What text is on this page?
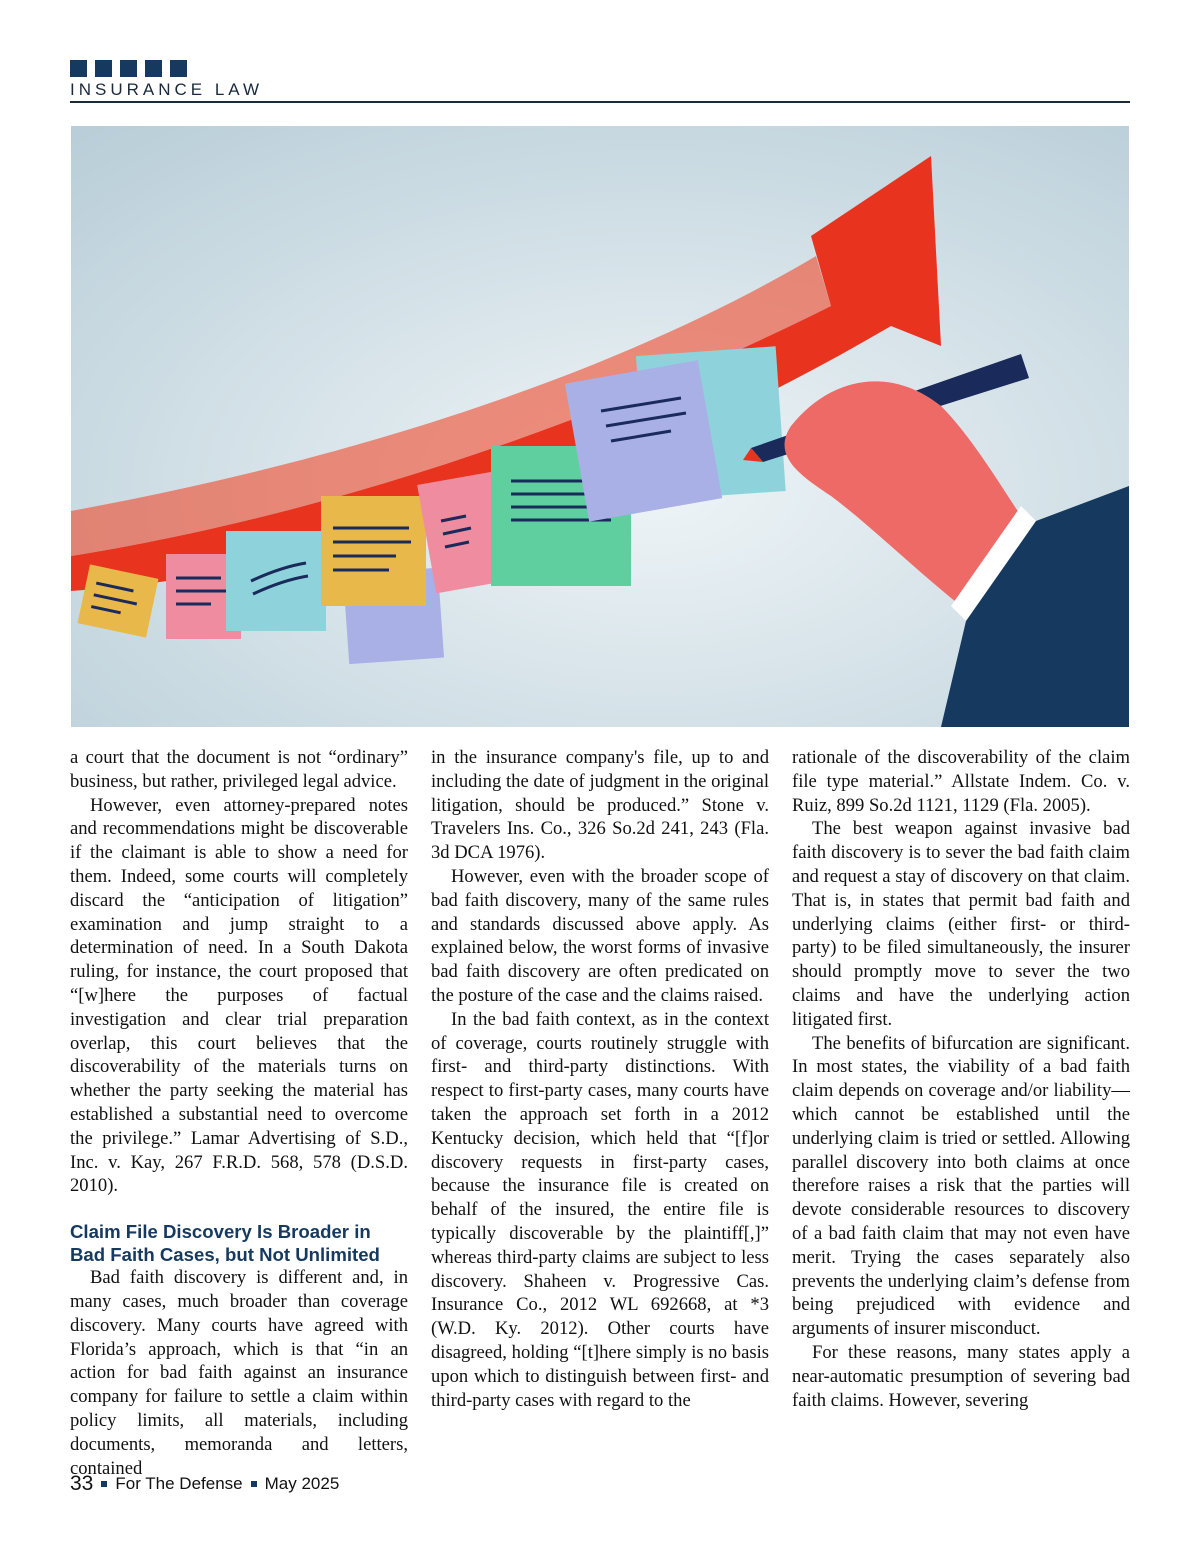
INSURANCE LAW

a court that the document is not “ordinary” business, but rather, privileged legal advice.

However, even attorney-prepared notes and recommendations might be discoverable if the claimant is able to show a need for them. Indeed, some courts will completely discard the “anticipation of litigation” examination and jump straight to a determination of need. In a South Dakota ruling, for instance, the court proposed that “[w]here the purposes of factual investigation and clear trial preparation overlap, this court believes that the discoverability of the materials turns on whether the party seeking the material has established a substantial need to overcome the privilege.” Lamar Advertising of S.D., Inc. v. Kay, 267 F.R.D. 568, 578 (D.S.D. 2010).

Claim File Discovery Is Broader in Bad Faith Cases, but Not Unlimited

Bad faith discovery is different and, in many cases, much broader than coverage discovery. Many courts have agreed with Florida’s approach, which is that “in an action for bad faith against an insurance company for failure to settle a claim within policy limits, all materials, including documents, memoranda and letters, contained

in the insurance company's file, up to and including the date of judgment in the original litigation, should be produced.” Stone v. Travelers Ins. Co., 326 So.2d 241, 243 (Fla. 3d DCA 1976).

However, even with the broader scope of bad faith discovery, many of the same rules and standards discussed above apply. As explained below, the worst forms of invasive bad faith discovery are often predicated on the posture of the case and the claims raised.

In the bad faith context, as in the context of coverage, courts routinely struggle with first- and third-party distinctions. With respect to first-party cases, many courts have taken the approach set forth in a 2012 Kentucky decision, which held that “[f]or discovery requests in first-party cases, because the insurance file is created on behalf of the insured, the entire file is typically discoverable by the plaintiff[,]” whereas third-party claims are subject to less discovery. Shaheen v. Progressive Cas. Insurance Co., 2012 WL 692668, at *3 (W.D. Ky. 2012). Other courts have disagreed, holding “[t]here simply is no basis upon which to distinguish between first- and third-party cases with regard to the

rationale of the discoverability of the claim file type material.” Allstate Indem. Co. v. Ruiz, 899 So.2d 1121, 1129 (Fla. 2005).

The best weapon against invasive bad faith discovery is to sever the bad faith claim and request a stay of discovery on that claim. That is, in states that permit bad faith and underlying claims (either first- or third-party) to be filed simultaneously, the insurer should promptly move to sever the two claims and have the underlying action litigated first.

The benefits of bifurcation are significant. In most states, the viability of a bad faith claim depends on coverage and/or liability—which cannot be established until the underlying claim is tried or settled. Allowing parallel discovery into both claims at once therefore raises a risk that the parties will devote considerable resources to discovery of a bad faith claim that may not even have merit. Trying the cases separately also prevents the underlying claim’s defense from being prejudiced with evidence and arguments of insurer misconduct.

For these reasons, many states apply a near-automatic presumption of severing bad faith claims. However, severing

33 For The Defense May 2025
